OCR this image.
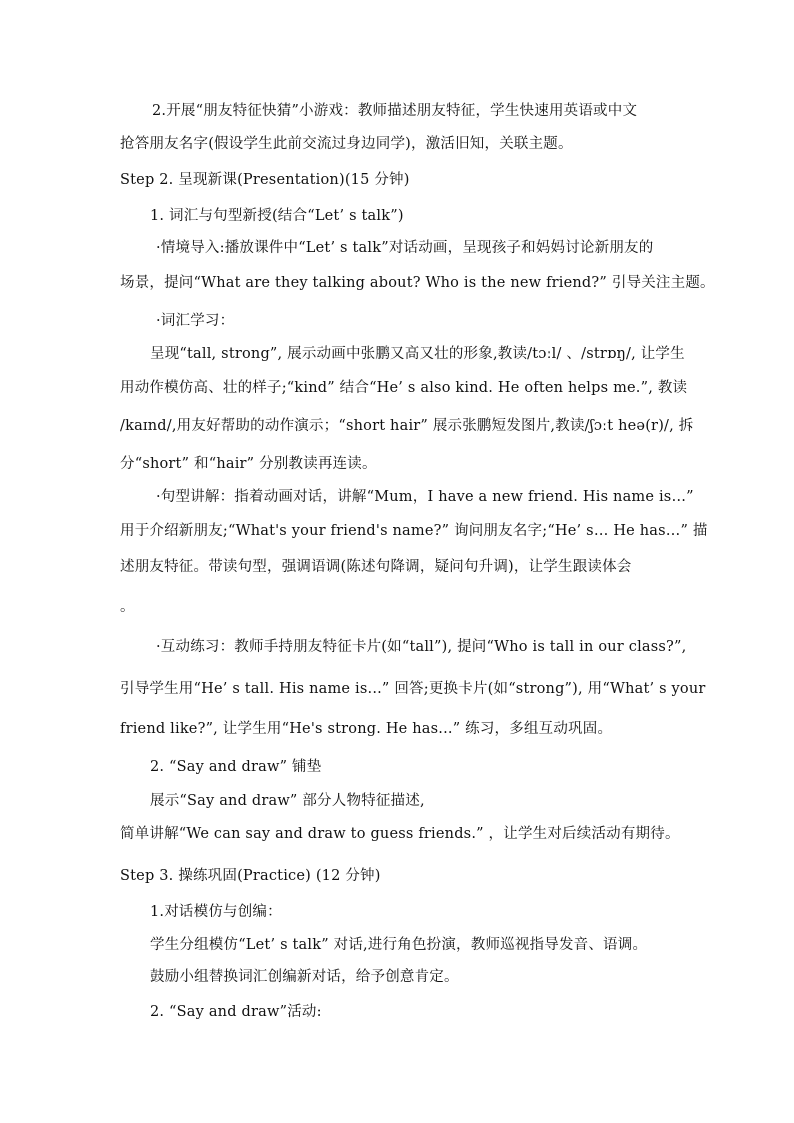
2.开展“朋友特征快猜”小游戏：教师描述朋友特征，学生快速用英语或中文
抢答朋友名字(假设学生此前交流过身边同学)，激活旧知，关联主题。
Step 2. 呈现新课(Presentation)(15 分钟)
1. 词汇与句型新授(结合“Let’ s talk”)
·情境导入:播放课件中“Let’ s talk”对话动画，呈现孩子和妈妈讨论新朋友的
场景，提问“What are they talking about? Who is the new friend?” 引导关注主题。
·词汇学习：
呈现“tall, strong”, 展示动画中张鹏又高又壮的形象,教读/tɔːl/ 、/strɒŋ/, 让学生
用动作模仿高、壮的样子;“kind” 结合“He’ s also kind. He often helps me.”, 教读
/kaɪnd/,用友好帮助的动作演示；“short hair” 展示张鹏短发图片,教读/ʃɔːt heə(r)/, 拆
分“short” 和“hair” 分别教读再连读。
·句型讲解：指着动画对话，讲解“Mum，I have a new friend. His name is…”
用于介绍新朋友;“What's your friend's name?” 询问朋友名字;“He’ s… He has…” 描
述朋友特征。带读句型，强调语调(陈述句降调，疑问句升调)，让学生跟读体会
。
·互动练习：教师手持朋友特征卡片(如“tall”), 提问“Who is tall in our class?”,
引导学生用“He’ s tall. His name is...” 回答;更换卡片(如“strong”), 用“What’ s your
friend like?”, 让学生用“He's strong. He has...” 练习，多组互动巩固。
2. “Say and draw” 铺垫
展示“Say and draw” 部分人物特征描述,
简单讲解“We can say and draw to guess friends.” ，让学生对后续活动有期待。
Step 3. 操练巩固(Practice) (12 分钟)
1.对话模仿与创编：
学生分组模仿“Let’ s talk” 对话,进行角色扮演，教师巡视指导发音、语调。
鼓励小组替换词汇创编新对话，给予创意肯定。
2. “Say and draw”活动:
